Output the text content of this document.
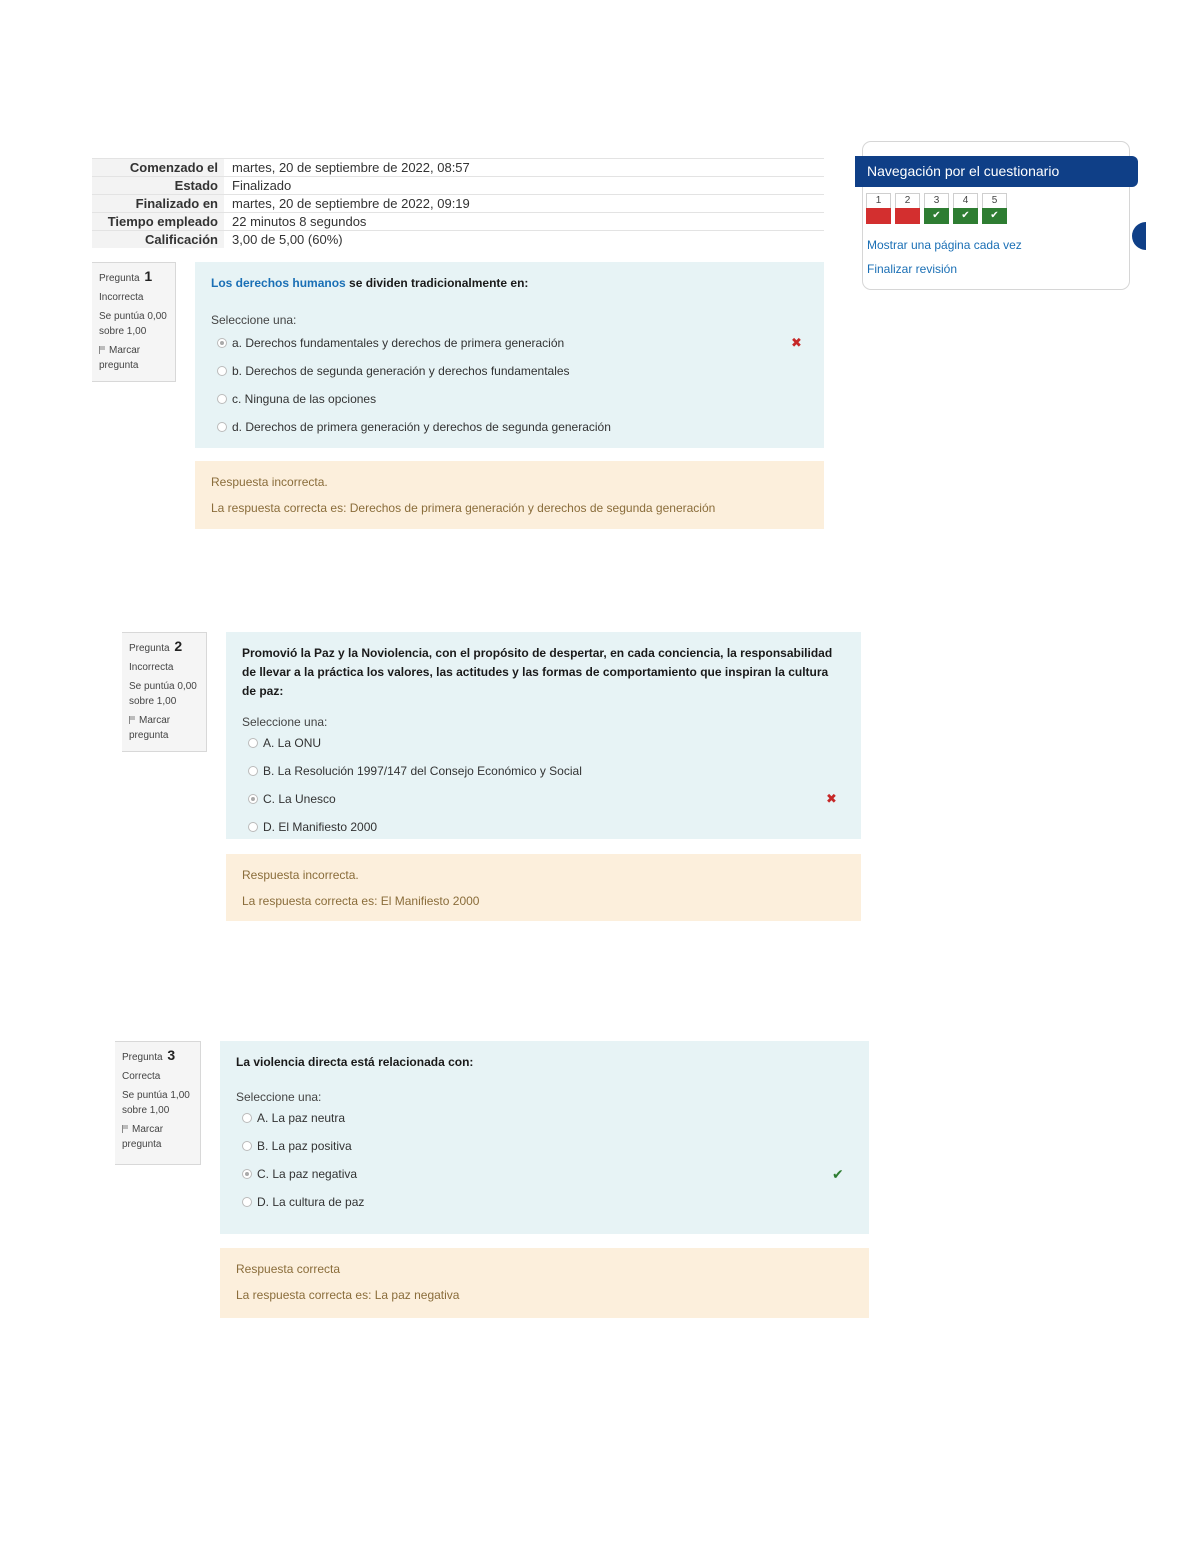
Comenzado el	martes, 20 de septiembre de 2022, 08:57
Estado	Finalizado
Finalizado en	martes, 20 de septiembre de 2022, 09:19
Tiempo empleado	22 minutos 8 segundos
Calificación	3,00 de 5,00 (60%)
Navegación por el cuestionario
1	2	3
✔
4
✔
5
✔
Mostrar una página cada vez
Finalizar revisión
Pregunta 1
Incorrecta
Se puntúa 0,00 sobre 1,00
Marcar pregunta
Los derechos humanos se dividen tradicionalmente en:
Seleccione una:
a. Derechos fundamentales y derechos de primera generación	✖
b. Derechos de segunda generación y derechos fundamentales
c. Ninguna de las opciones
d. Derechos de primera generación y derechos de segunda generación
Respuesta incorrecta.
La respuesta correcta es: Derechos de primera generación y derechos de segunda generación
Pregunta 2
Incorrecta
Se puntúa 0,00 sobre 1,00
Marcar pregunta
Promovió la Paz y la Noviolencia, con el propósito de despertar, en cada conciencia, la responsabilidad de llevar a la práctica los valores, las actitudes y las formas de comportamiento que inspiran la cultura de paz:
Seleccione una:
A. La ONU
B. La Resolución 1997/147 del Consejo Económico y Social
C. La Unesco	✖
D. El Manifiesto 2000
Respuesta incorrecta.
La respuesta correcta es: El Manifiesto 2000
Pregunta 3
Correcta
Se puntúa 1,00 sobre 1,00
Marcar pregunta
La violencia directa está relacionada con:
Seleccione una:
A. La paz neutra
B. La paz positiva
C. La paz negativa	✔
D. La cultura de paz
Respuesta correcta
La respuesta correcta es: La paz negativa
